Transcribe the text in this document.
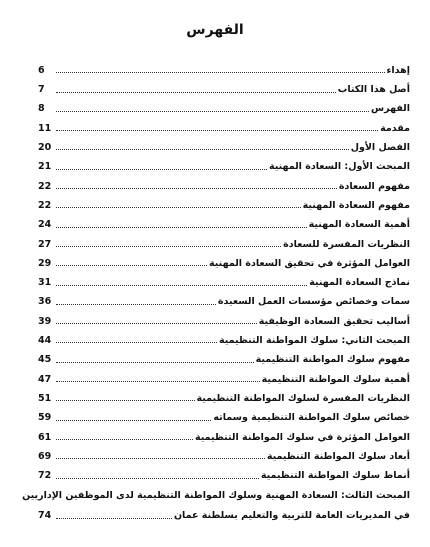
الفهرس
إهداء
6
أصل هذا الكتاب
7
الفهرس
8
مقدمة
11
الفصل الأول
20
المبحث الأول: السعادة المهنية
21
مفهوم السعادة
22
مفهوم السعادة المهنية
22
أهمية السعادة المهنية
24
النظريات المفسرة للسعادة
27
العوامل المؤثرة في تحقيق السعادة المهنية
29
نماذج السعادة المهنية
31
سمات وخصائص مؤسسات العمل السعيدة
36
أساليب تحقيق السعادة الوظيفية
39
المبحث الثاني: سلوك المواطنة التنظيمية
44
مفهوم سلوك المواطنة التنظيمية
45
أهمية سلوك المواطنة التنظيمية
47
النظريات المفسرة لسلوك المواطنة التنظيمية
51
خصائص سلوك المواطنة التنظيمية وسماته
59
العوامل المؤثرة في سلوك المواطنة التنظيمية
61
أبعاد سلوك المواطنة التنظيمية
69
أنماط سلوك المواطنة التنظيمية
72
المبحث الثالث: السعادة المهنية وسلوك المواطنة التنظيمية لدى الموظفين الإداريين
في المديريات العامة للتربية والتعليم بسلطنة عمان
74
